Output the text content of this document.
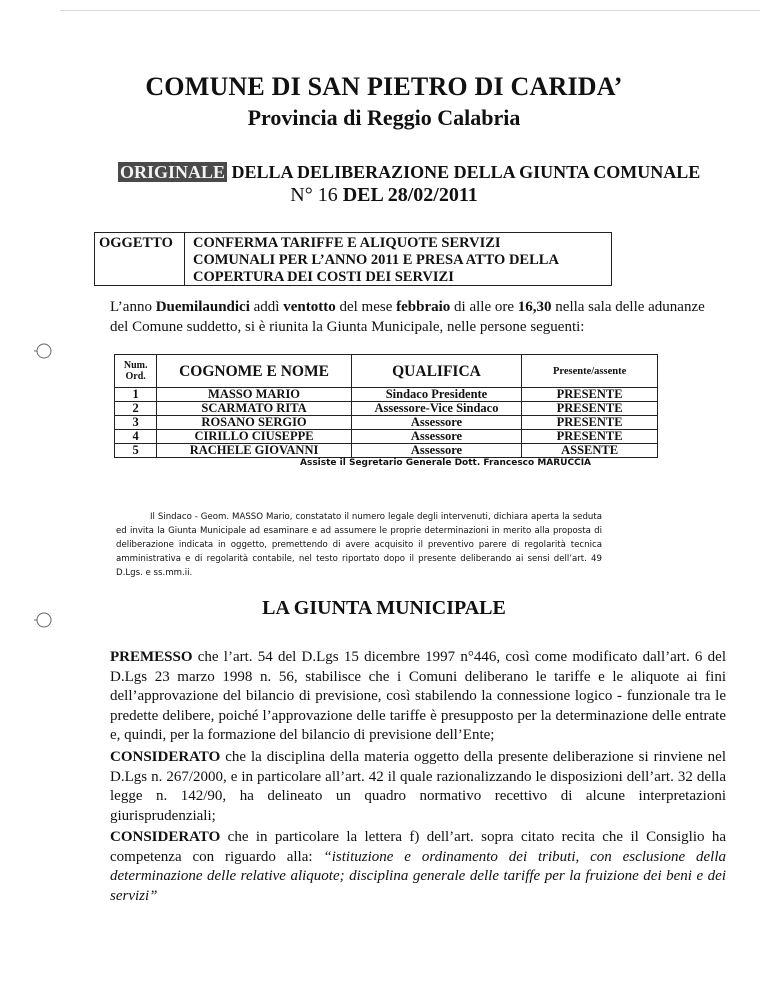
COMUNE DI SAN PIETRO DI CARIDA’
Provincia di Reggio Calabria
ORIGINALE DELLA DELIBERAZIONE DELLA GIUNTA COMUNALE
N° 16 DEL 28/02/2011
OGGETTO	CONFERMA TARIFFE E ALIQUOTE SERVIZI
COMUNALI PER L’ANNO 2011 E PRESA ATTO DELLA
COPERTURA DEI COSTI DEI SERVIZI
L’anno Duemilaundici addì ventotto del mese febbraio di alle ore 16,30 nella sala delle adunanze del Comune suddetto, si è riunita la Giunta Municipale, nelle persone seguenti:
Num. Ord.	COGNOME E NOME	QUALIFICA	Presente/assente
1	MASSO MARIO	Sindaco Presidente	PRESENTE
2	SCARMATO RITA	Assessore-Vice Sindaco	PRESENTE
3	ROSANO SERGIO	Assessore	PRESENTE
4	CIRILLO CIUSEPPE	Assessore	PRESENTE
5	RACHELE GIOVANNI	Assessore	ASSENTE
Assiste il Segretario Generale Dott. Francesco MARUCCIA

Il Sindaco - Geom. MASSO Mario, constatato il numero legale degli intervenuti, dichiara aperta la seduta ed invita la Giunta Municipale ad esaminare e ad assumere le proprie determinazioni in merito alla proposta di deliberazione indicata in oggetto, premettendo di avere acquisito il preventivo parere di regolarità tecnica amministrativa e di regolarità contabile, nel testo riportato dopo il presente deliberando ai sensi dell’art. 49 D.Lgs. e ss.mm.ii.

LA GIUNTA MUNICIPALE

PREMESSO che l’art. 54 del D.Lgs 15 dicembre 1997 n°446, così come modificato dall’art. 6 del D.Lgs 23 marzo 1998 n. 56, stabilisce che i Comuni deliberano le tariffe e le aliquote ai fini dell’approvazione del bilancio di previsione, così stabilendo la connessione logico - funzionale tra le predette delibere, poiché l’approvazione delle tariffe è presupposto per la determinazione delle entrate e, quindi, per la formazione del bilancio di previsione dell’Ente;

CONSIDERATO che la disciplina della materia oggetto della presente deliberazione si rinviene nel D.Lgs n. 267/2000, e in particolare all’art. 42 il quale razionalizzando le disposizioni dell’art. 32 della legge n. 142/90, ha delineato un quadro normativo recettivo di alcune interpretazioni giurisprudenziali;

CONSIDERATO che in particolare la lettera f) dell’art. sopra citato recita che il Consiglio ha competenza con riguardo alla: “istituzione e ordinamento dei tributi, con esclusione della determinazione delle relative aliquote; disciplina generale delle tariffe per la fruizione dei beni e dei servizi”
